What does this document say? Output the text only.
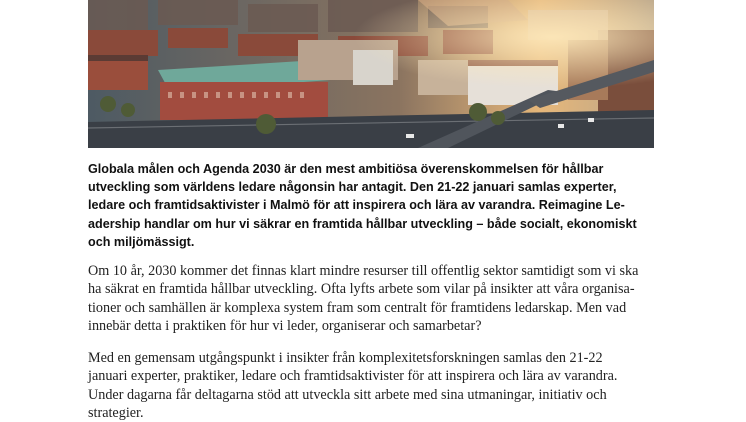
Globala målen och Agenda 2030 är den mest ambitiösa överenskommelsen för hållbar
utveckling som världens ledare någonsin har antagit. Den 21-22 januari samlas experter,
ledare och framtidsaktivister i Malmö för att inspirera och lära av varandra. Reimagine Le-
adership handlar om hur vi säkrar en framtida hållbar utveckling – både socialt, ekonomiskt
och miljömässigt.
Om 10 år, 2030 kommer det finnas klart mindre resurser till offentlig sektor samtidigt som vi ska
ha säkrat en framtida hållbar utveckling. Ofta lyfts arbete som vilar på insikter att våra organisa-
tioner och samhällen är komplexa system fram som centralt för framtidens ledarskap. Men vad
innebär detta i praktiken för hur vi leder, organiserar och samarbetar?
Med en gemensam utgångspunkt i insikter från komplexitetsforskningen samlas den 21-22
januari experter, praktiker, ledare och framtidsaktivister för att inspirera och lära av varandra.
Under dagarna får deltagarna stöd att utveckla sitt arbete med sina utmaningar, initiativ och
strategier.
